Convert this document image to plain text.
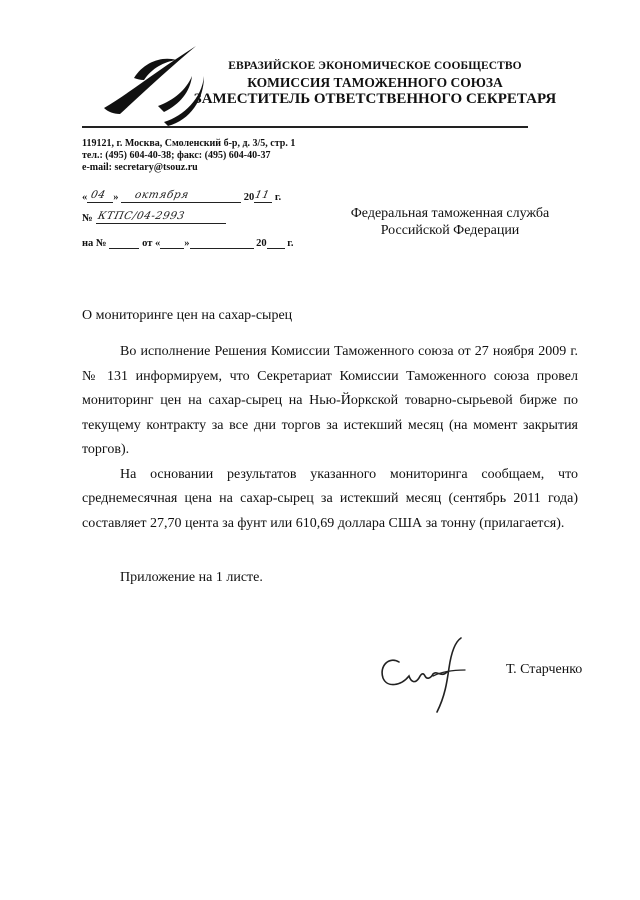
ЕВРАЗИЙСКОЕ ЭКОНОМИЧЕСКОЕ СООБЩЕСТВО
КОМИССИЯ ТАМОЖЕННОГО СОЮЗА
ЗАМЕСТИТЕЛЬ ОТВЕТСТВЕННОГО СЕКРЕТАРЯ
119121, г. Москва, Смоленский б-р, д. 3/5, стр. 1
тел.: (495) 604-40-38; факс: (495) 604-40-37
e-mail: secretary@tsouz.ru
« 04 » октября	20 11 г.
№ КТПС/04-2993
на №	от « »	20 г.
Федеральная таможенная служба
Российской Федерации
О мониторинге цен на сахар-сырец

Во исполнение Решения Комиссии Таможенного союза от 27 ноября 2009 г. № 131 информируем, что Секретариат Комиссии Таможенного союза провел мониторинг цен на сахар-сырец на Нью-Йоркской товарно-сырьевой бирже по текущему контракту за все дни торгов за истекший месяц (на момент закрытия торгов).

На основании результатов указанного мониторинга сообщаем, что среднемесячная цена на сахар-сырец за истекший месяц (сентябрь 2011 года) составляет 27,70 цента за фунт или 610,69 доллара США за тонну (прилагается).

Приложение на 1 листе.
Т. Старченко
